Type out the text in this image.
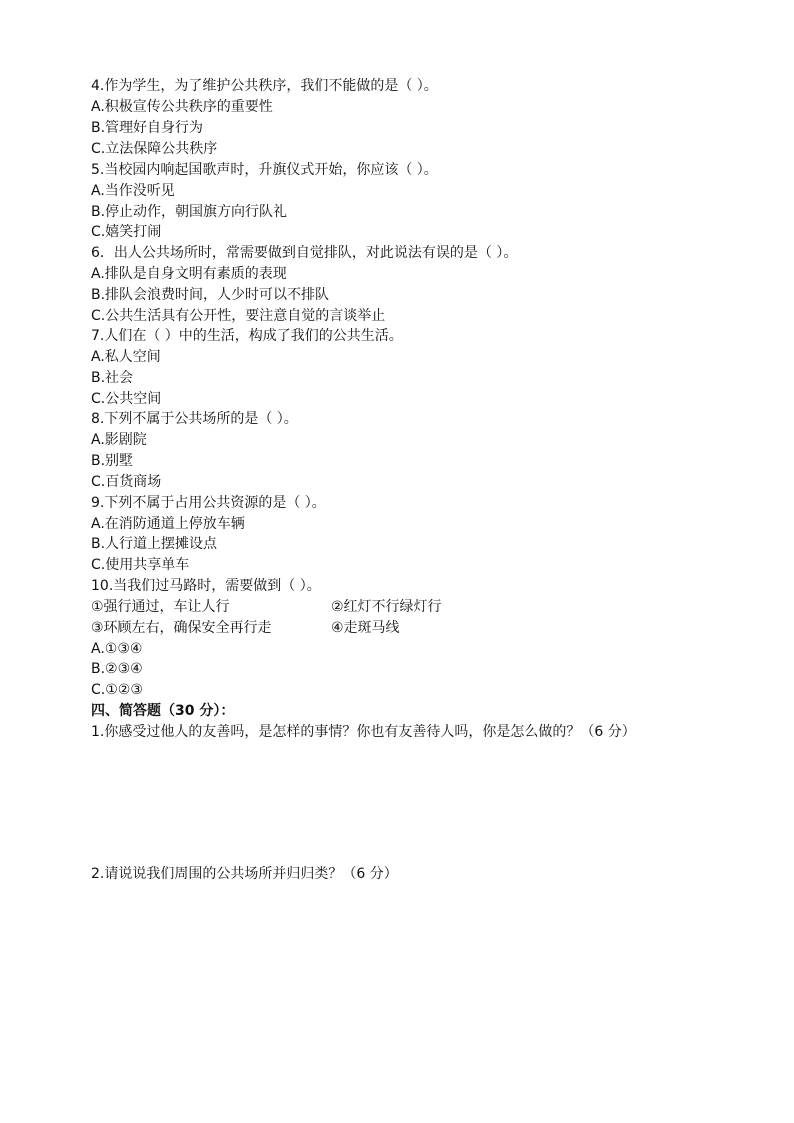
4.作为学生，为了维护公共秩序，我们不能做的是（ ）。
A.积极宣传公共秩序的重要性
B.管理好自身行为
C.立法保障公共秩序
5.当校园内响起国歌声时，升旗仪式开始，你应该（ ）。
A.当作没听见
B.停止动作，朝国旗方向行队礼
C.嬉笑打闹
6．出人公共场所时，常需要做到自觉排队，对此说法有误的是（ ）。
A.排队是自身文明有素质的表现
B.排队会浪费时间，人少时可以不排队
C.公共生活具有公开性，要注意自觉的言谈举止
7.人们在（ ）中的生活，构成了我们的公共生活。
A.私人空间
B.社会
C.公共空间
8.下列不属于公共场所的是（ ）。
A.影剧院
B.别墅
C.百货商场
9.下列不属于占用公共资源的是（ ）。
A.在消防通道上停放车辆
B.人行道上摆摊设点
C.使用共享单车
10.当我们过马路时，需要做到（ ）。
①强行通过，车让人行	②红灯不行绿灯行
③环顾左右，确保安全再行走	④走斑马线
A.①③④
B.②③④
C.①②③
四、简答题（30 分）：
1.你感受过他人的友善吗，是怎样的事情？你也有友善待人吗，你是怎么做的？（6 分）
2.请说说我们周围的公共场所并归归类？（6 分）
